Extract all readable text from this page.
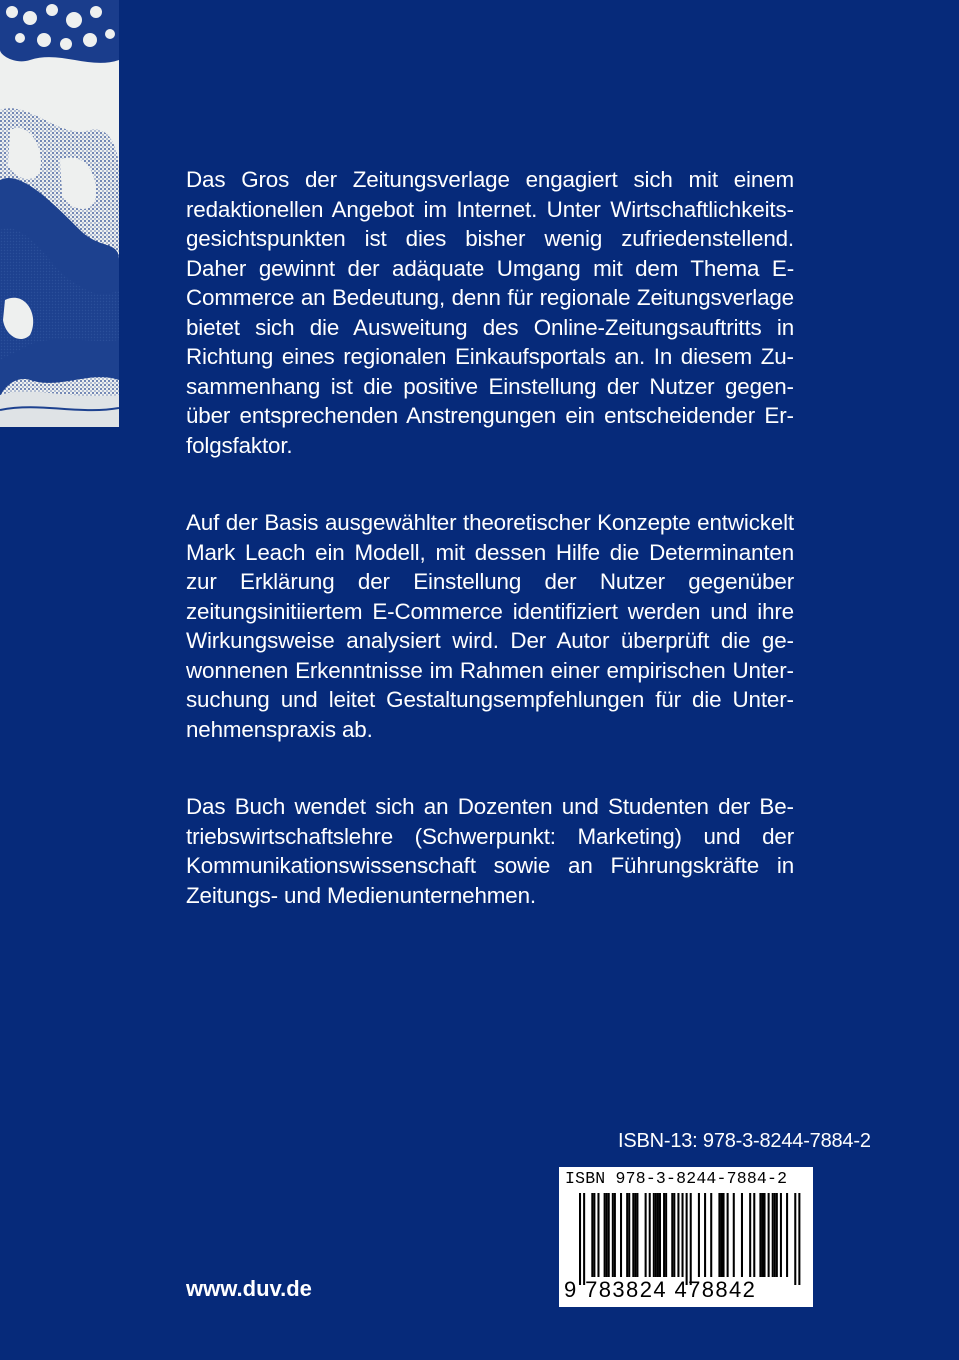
Das Gros der Zeitungsverlage engagiert sich mit einem redaktionellen Angebot im Internet. Unter Wirtschaftlichkeitsgesichtspunkten ist dies bisher wenig zufriedenstellend. Daher gewinnt der adäquate Umgang mit dem Thema E-Commerce an Bedeutung, denn für regionale Zeitungsverlage bietet sich die Ausweitung des Online-Zeitungsauftritts in Richtung eines regionalen Einkaufsportals an. In diesem Zusammenhang ist die positive Einstellung der Nutzer gegenüber entsprechenden Anstrengungen ein entscheidender Erfolgsfaktor.

Auf der Basis ausgewählter theoretischer Konzepte entwickelt Mark Leach ein Modell, mit dessen Hilfe die Determinanten zur Erklärung der Einstellung der Nutzer gegenüber zeitungsinitiiertem E-Commerce identifiziert werden und ihre Wirkungsweise analysiert wird. Der Autor überprüft die gewonnenen Erkenntnisse im Rahmen einer empirischen Untersuchung und leitet Gestaltungsempfehlungen für die Unternehmenspraxis ab.

Das Buch wendet sich an Dozenten und Studenten der Betriebswirtschaftslehre (Schwerpunkt: Marketing) und der Kommunikationswissenschaft sowie an Führungskräfte in Zeitungs- und Medienunternehmen.

ISBN-13: 978-3-8244-7884-2
ISBN 978-3-8244-7884-2
9 783824 478842
www.duv.de
